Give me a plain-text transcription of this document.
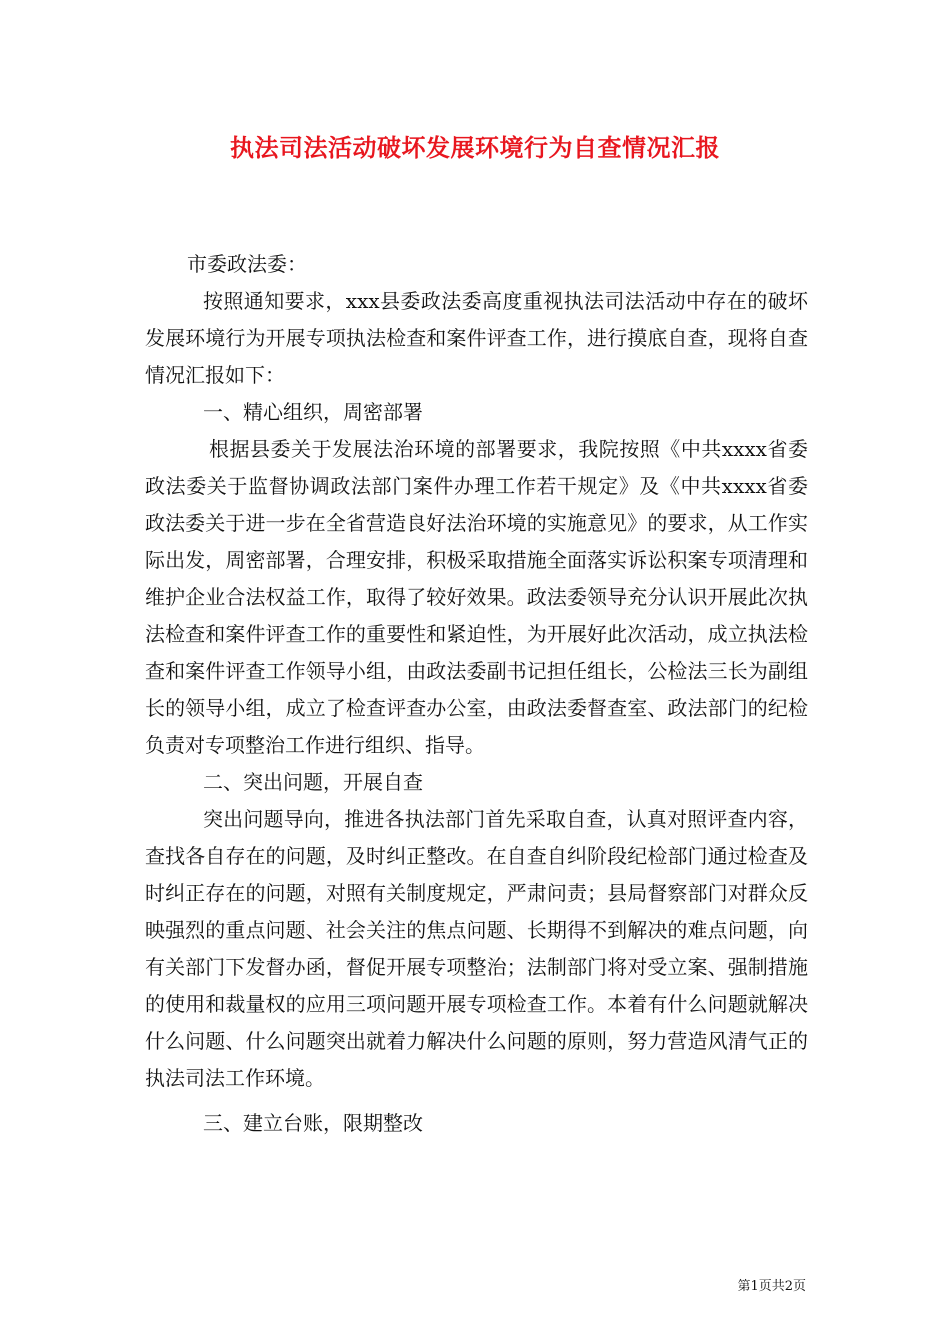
执法司法活动破坏发展环境行为自查情况汇报

市委政法委：

按照通知要求，xxx县委政法委高度重视执法司法活动中存在的破坏发展环境行为开展专项执法检查和案件评查工作，进行摸底自查，现将自查情况汇报如下：

一、精心组织，周密部署

根据县委关于发展法治环境的部署要求，我院按照《中共xxxx省委政法委关于监督协调政法部门案件办理工作若干规定》及《中共xxxx省委政法委关于进一步在全省营造良好法治环境的实施意见》的要求，从工作实际出发，周密部署，合理安排，积极采取措施全面落实诉讼积案专项清理和维护企业合法权益工作，取得了较好效果。政法委领导充分认识开展此次执法检查和案件评查工作的重要性和紧迫性，为开展好此次活动，成立执法检查和案件评查工作领导小组，由政法委副书记担任组长，公检法三长为副组长的领导小组，成立了检查评查办公室，由政法委督查室、政法部门的纪检负责对专项整治工作进行组织、指导。

二、突出问题，开展自查

突出问题导向，推进各执法部门首先采取自查，认真对照评查内容，查找各自存在的问题，及时纠正整改。在自查自纠阶段纪检部门通过检查及时纠正存在的问题，对照有关制度规定，严肃问责；县局督察部门对群众反映强烈的重点问题、社会关注的焦点问题、长期得不到解决的难点问题，向有关部门下发督办函，督促开展专项整治；法制部门将对受立案、强制措施的使用和裁量权的应用三项问题开展专项检查工作。本着有什么问题就解决什么问题、什么问题突出就着力解决什么问题的原则，努力营造风清气正的执法司法工作环境。

三、建立台账，限期整改

第1页共2页
